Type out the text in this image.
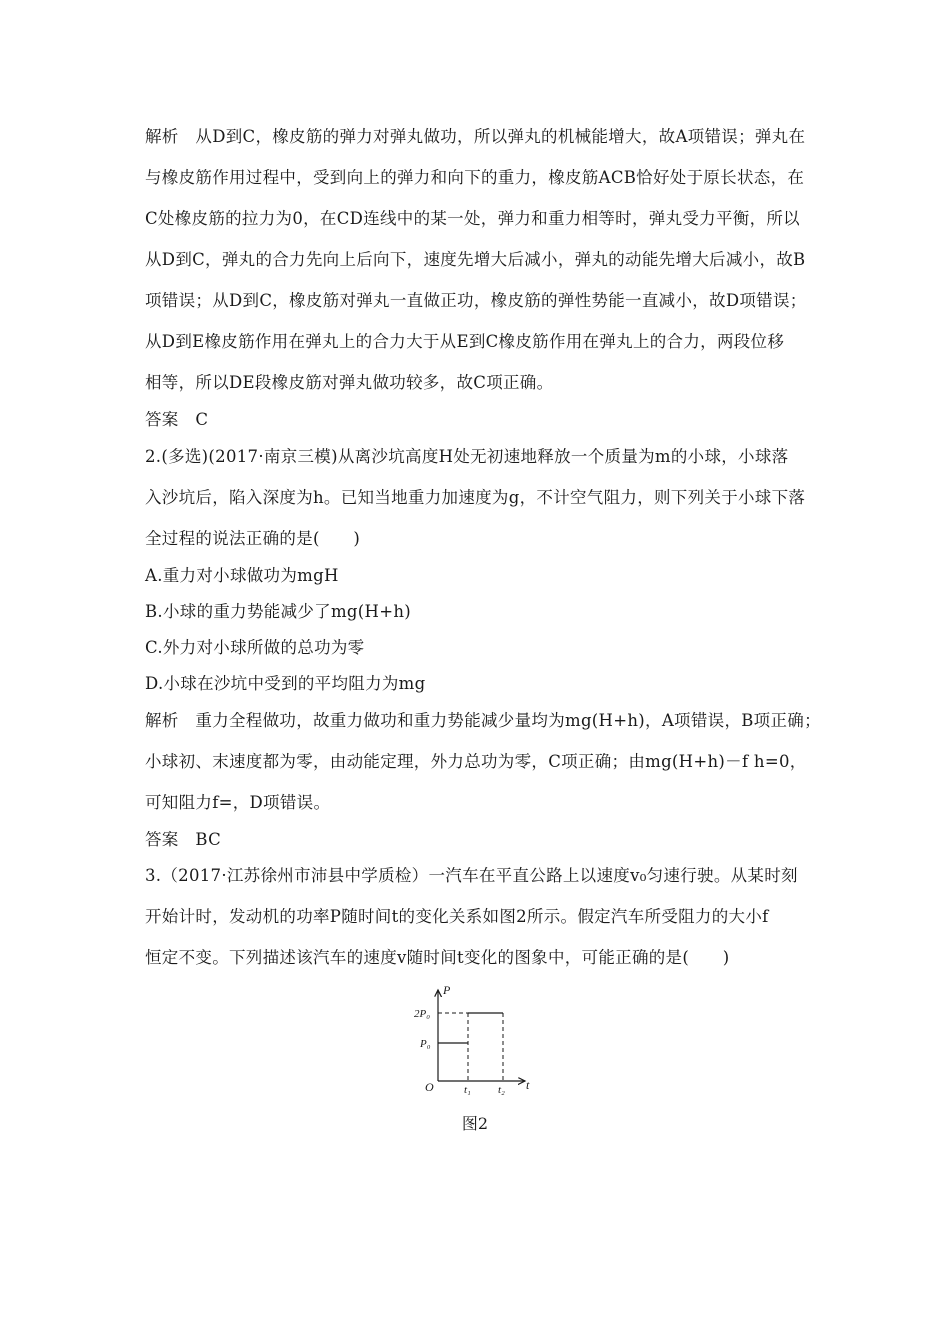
解析　从D到C，橡皮筋的弹力对弹丸做功，所以弹丸的机械能增大，故A项错误；弹丸在
与橡皮筋作用过程中，受到向上的弹力和向下的重力，橡皮筋ACB恰好处于原长状态，在
C处橡皮筋的拉力为0，在CD连线中的某一处，弹力和重力相等时，弹丸受力平衡，所以
从D到C，弹丸的合力先向上后向下，速度先增大后减小，弹丸的动能先增大后减小，故B
项错误；从D到C，橡皮筋对弹丸一直做正功，橡皮筋的弹性势能一直减小，故D项错误；
从D到E橡皮筋作用在弹丸上的合力大于从E到C橡皮筋作用在弹丸上的合力，两段位移
相等，所以DE段橡皮筋对弹丸做功较多，故C项正确。
答案　C
2.(多选)(2017·南京三模)从离沙坑高度H处无初速地释放一个质量为m的小球，小球落
入沙坑后，陷入深度为h。已知当地重力加速度为g，不计空气阻力，则下列关于小球下落
全过程的说法正确的是(　　)
A.重力对小球做功为mgH
B.小球的重力势能减少了mg(H+h)
C.外力对小球所做的总功为零
D.小球在沙坑中受到的平均阻力为mg
解析　重力全程做功，故重力做功和重力势能减少量均为mg(H+h)，A项错误，B项正确；
小球初、末速度都为零，由动能定理，外力总功为零，C项正确；由mg(H+h)－f h=0，
可知阻力f=，D项错误。
答案　BC
3.（2017·江苏徐州市沛县中学质检）一汽车在平直公路上以速度v₀匀速行驶。从某时刻
开始计时，发动机的功率P随时间t的变化关系如图2所示。假定汽车所受阻力的大小f
恒定不变。下列描述该汽车的速度v随时间t变化的图象中，可能正确的是(　　)
P
t
O
2P₀
P₀
t₁ t₂
图2
